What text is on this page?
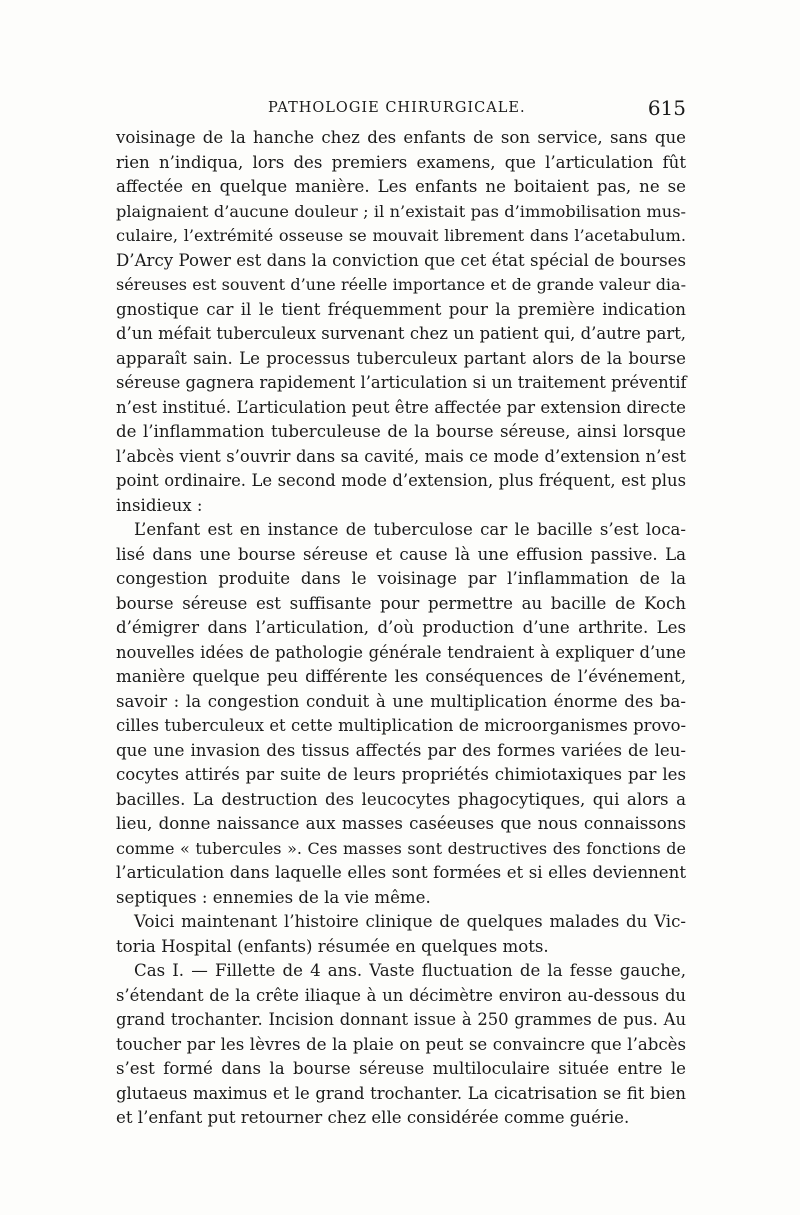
PATHOLOGIE CHIRURGICALE.	615
voisinage de la hanche chez des enfants de son service, sans que
rien n’indiqua, lors des premiers examens, que l’articulation fût
affectée en quelque manière. Les enfants ne boitaient pas, ne se
plaignaient d’aucune douleur ; il n’existait pas d’immobilisation mus-
culaire, l’extrémité osseuse se mouvait librement dans l’acetabulum.
D’Arcy Power est dans la conviction que cet état spécial de bourses
séreuses est souvent d’une réelle importance et de grande valeur dia-
gnostique car il le tient fréquemment pour la première indication
d’un méfait tuberculeux survenant chez un patient qui, d’autre part,
apparaît sain. Le processus tuberculeux partant alors de la bourse
séreuse gagnera rapidement l’articulation si un traitement préventif
n’est institué. L’articulation peut être affectée par extension directe
de l’inflammation tuberculeuse de la bourse séreuse, ainsi lorsque
l’abcès vient s’ouvrir dans sa cavité, mais ce mode d’extension n’est
point ordinaire. Le second mode d’extension, plus fréquent, est plus
insidieux :
L’enfant est en instance de tuberculose car le bacille s’est loca-
lisé dans une bourse séreuse et cause là une effusion passive. La
congestion produite dans le voisinage par l’inflammation de la
bourse séreuse est suffisante pour permettre au bacille de Koch
d’émigrer dans l’articulation, d’où production d’une arthrite. Les
nouvelles idées de pathologie générale tendraient à expliquer d’une
manière quelque peu différente les conséquences de l’événement,
savoir : la congestion conduit à une multiplication énorme des ba-
cilles tuberculeux et cette multiplication de microorganismes provo-
que une invasion des tissus affectés par des formes variées de leu-
cocytes attirés par suite de leurs propriétés chimiotaxiques par les
bacilles. La destruction des leucocytes phagocytiques, qui alors a
lieu, donne naissance aux masses caséeuses que nous connaissons
comme « tubercules ». Ces masses sont destructives des fonctions de
l’articulation dans laquelle elles sont formées et si elles deviennent
septiques : ennemies de la vie même.
Voici maintenant l’histoire clinique de quelques malades du Vic-
toria Hospital (enfants) résumée en quelques mots.
Cas I. — Fillette de 4 ans. Vaste fluctuation de la fesse gauche,
s’étendant de la crête iliaque à un décimètre environ au-dessous du
grand trochanter. Incision donnant issue à 250 grammes de pus. Au
toucher par les lèvres de la plaie on peut se convaincre que l’abcès
s’est formé dans la bourse séreuse multiloculaire située entre le
glutaeus maximus et le grand trochanter. La cicatrisation se fit bien
et l’enfant put retourner chez elle considérée comme guérie.
